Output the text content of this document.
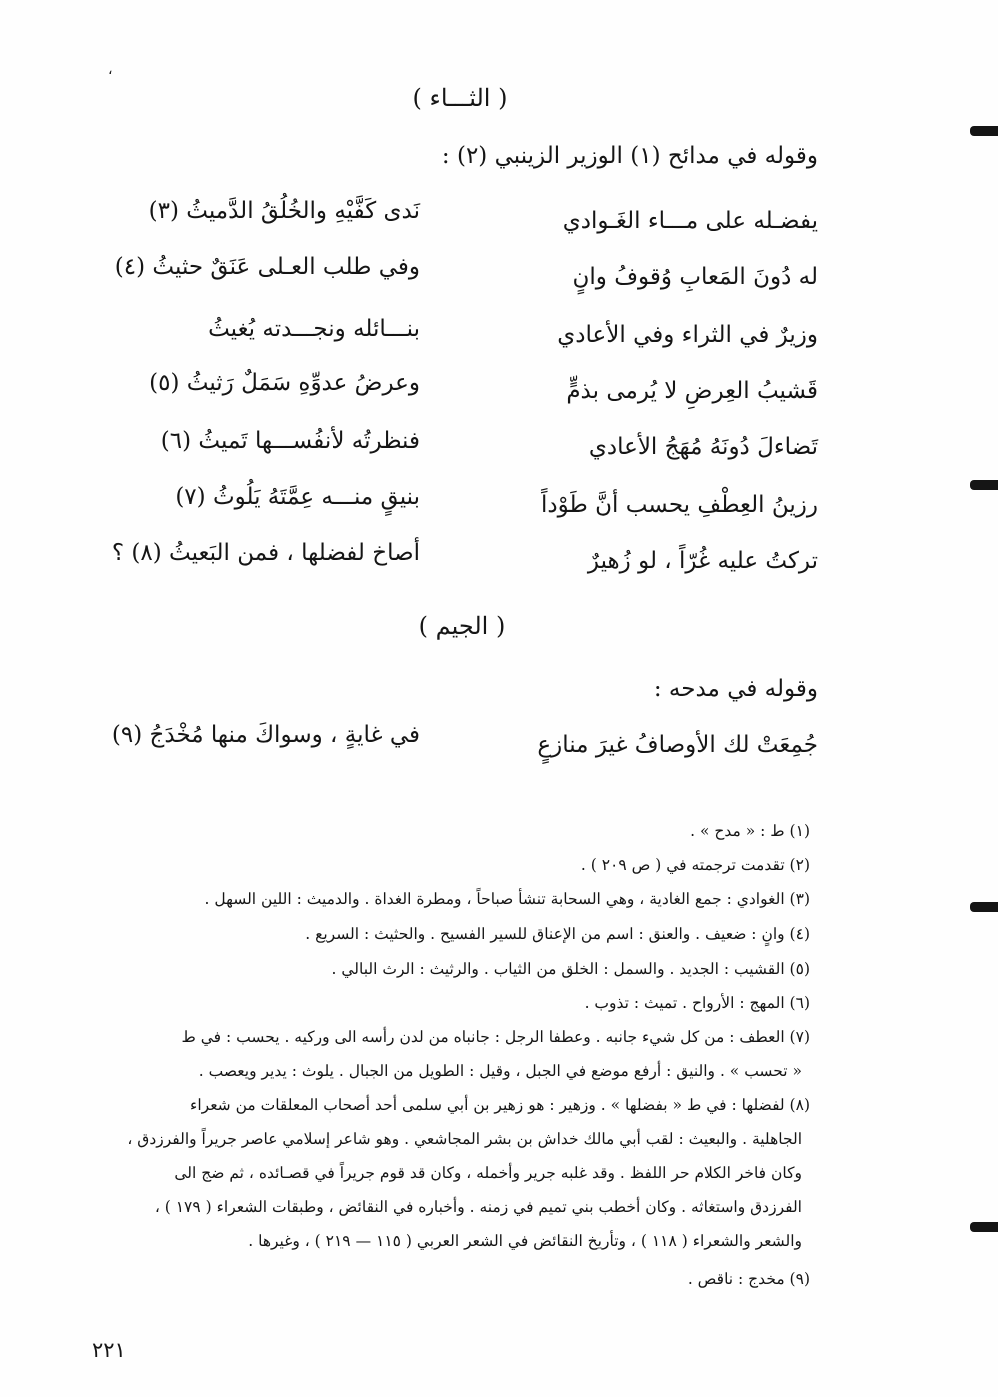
،
( الثـــاء )
وقوله في مدائح (١) الوزير الزينبي (٢) :
يفضـله على مـــاء الغَـوادي
نَدى كَفَّيْهِ والخُلُقُ الدَّميثُ (٣)
له دُونَ المَعابِ وُقوفُ وانٍ
وفي طلب العـلى عَنَقٌ حثيثُ (٤)
وزيرٌ في الثراء وفي الأعادي
بنـــائله ونجـــدته يُغيثُ
قَشيبُ العِرضِ لا يُرمى بذمٍّ
وعرضُ عدوِّهِ سَمَلٌ رَثيثُ (٥)
تَضاءلَ دُونَهُ مُهَجُ الأعادي
فنظرتُه لأنفُســـها تَميثُ (٦)
رزينُ العِطْفِ يحسب أنَّ طَوْداً
بنيقٍ منـــه عِمَّتَهُ يَلُوثُ (٧)
تركتُ عليه غُرّاً ، لو زُهيرٌ
أصاخ لفضلها ، فمن البَعيثُ (٨) ؟
( الجيم )
وقوله في مدحه :
جُمِعَتْ لك الأوصافُ غيرَ منازعٍ
في غايةٍ ، وسواكَ منها مُخْدَجُ (٩)
(١) ط : « مدح » .
(٢) تقدمت ترجمته في ( ص ٢٠٩ ) .
(٣) الغوادي : جمع الغادية ، وهي السحابة تنشأ صباحاً ، ومطرة الغداة . والدميث : اللين السهل .
(٤) وانٍ : ضعيف . والعنق : اسم من الإعناق للسير الفسيح . والحثيث : السريع .
(٥) القشيب : الجديد . والسمل : الخلق من الثياب . والرثيث : الرث البالي .
(٦) المهج : الأرواح . تميث : تذوب .
(٧) العطف : من كل شيء جانبه . وعطفا الرجل : جانباه من لدن رأسه الى وركيه . يحسب : في ط
« تحسب » . والنيق : أرفع موضع في الجبل ، وقيل : الطويل من الجبال . يلوث : يدير ويعصب .
(٨) لفضلها : في ط « بفضلها » . وزهير : هو زهير بن أبي سلمى أحد أصحاب المعلقات من شعراء
الجاهلية . والبعيث : لقب أبي مالك خداش بن بشر المجاشعي . وهو شاعر إسلامي عاصر جريراً والفرزدق ،
وكان فاخر الكلام حر اللفظ . وقد غلبه جرير وأخمله ، وكان قد قوم جريراً في قصـائده ، ثم ضج الى
الفرزدق واستغاثه . وكان أخطب بني تميم في زمنه . وأخباره في النقائض ، وطبقات الشعراء ( ١٧٩ ) ،
والشعر والشعراء ( ١١٨ ) ، وتأريخ النقائض في الشعر العربي ( ١١٥ — ٢١٩ ) ، وغيرها .
(٩) مخدج : ناقص .
٢٢١
